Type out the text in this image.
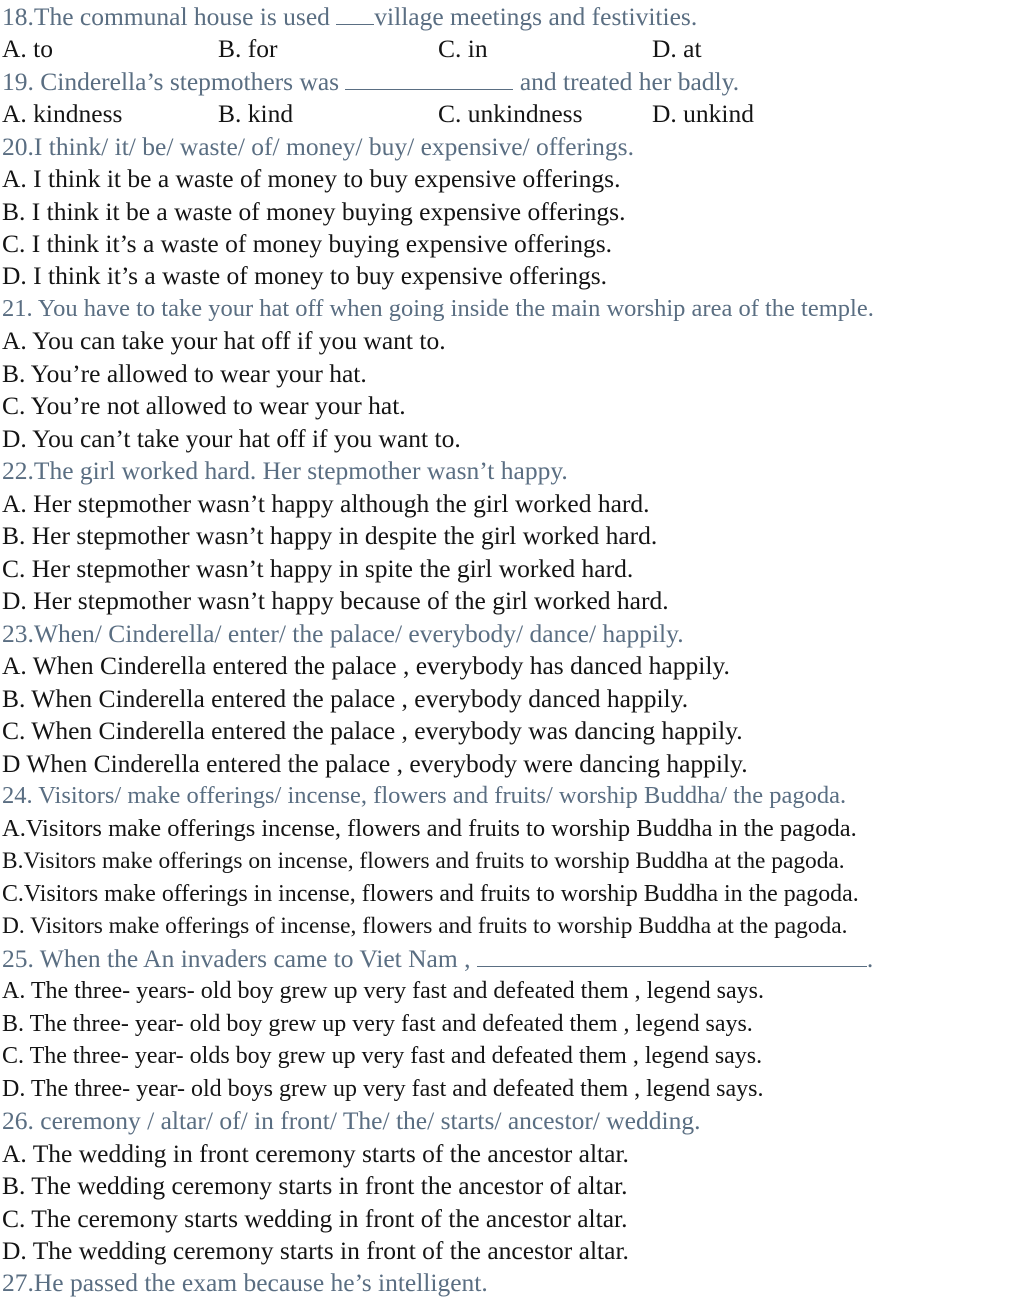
18.The communal house is used village meetings and festivities.
A. to	B. for	C. in	D. at
19. Cinderella’s stepmothers was	and treated her badly.
A. kindness	B. kind	C. unkindness	D. unkind
20.I think/ it/ be/ waste/ of/ money/ buy/ expensive/ offerings.
A. I think it be a waste of money to buy expensive offerings.
B. I think it be a waste of money buying expensive offerings.
C. I think it’s a waste of money buying expensive offerings.
D. I think it’s a waste of money to buy expensive offerings.
21. You have to take your hat off when going inside the main worship area of the temple.
A. You can take your hat off if you want to.
B. You’re allowed to wear your hat.
C. You’re not allowed to wear your hat.
D. You can’t take your hat off if you want to.
22.The girl worked hard. Her stepmother wasn’t happy.
A. Her stepmother wasn’t happy although the girl worked hard.
B. Her stepmother wasn’t happy in despite the girl worked hard.
C. Her stepmother wasn’t happy in spite the girl worked hard.
D. Her stepmother wasn’t happy because of the girl worked hard.
23.When/ Cinderella/ enter/ the palace/ everybody/ dance/ happily.
A. When Cinderella entered the palace , everybody has danced happily.
B. When Cinderella entered the palace , everybody danced happily.
C. When Cinderella entered the palace , everybody was dancing happily.
D When Cinderella entered the palace , everybody were dancing happily.
24. Visitors/ make offerings/ incense, flowers and fruits/ worship Buddha/ the pagoda.
A.Visitors make offerings incense, flowers and fruits to worship Buddha in the pagoda.
B.Visitors make offerings on incense, flowers and fruits to worship Buddha at the pagoda.
C.Visitors make offerings in incense, flowers and fruits to worship Buddha in the pagoda.
D. Visitors make offerings of incense, flowers and fruits to worship Buddha at the pagoda.
25. When the An invaders came to Viet Nam ,	.
A. The three- years- old boy grew up very fast and defeated them , legend says.
B. The three- year- old boy grew up very fast and defeated them , legend says.
C. The three- year- olds boy grew up very fast and defeated them , legend says.
D. The three- year- old boys grew up very fast and defeated them , legend says.
26. ceremony / altar/ of/ in front/ The/ the/ starts/ ancestor/ wedding.
A. The wedding in front ceremony starts of the ancestor altar.
B. The wedding ceremony starts in front the ancestor of altar.
C. The ceremony starts wedding in front of the ancestor altar.
D. The wedding ceremony starts in front of the ancestor altar.
27.He passed the exam because he’s intelligent.
